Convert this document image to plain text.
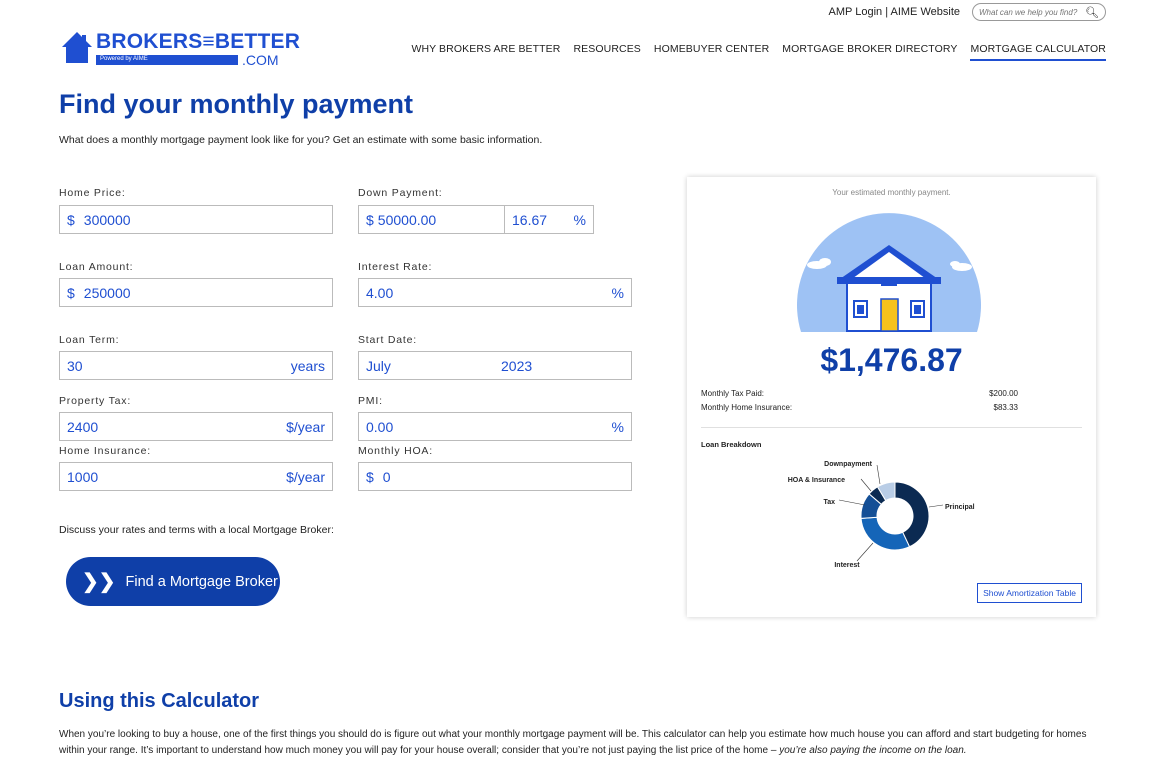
AMP Login | AIME Website
What can we help you find?	🔍︎
BROKERS≡BETTER
Powered by AIME	.COM
WHY BROKERS ARE BETTER RESOURCES HOMEBUYER CENTER MORTGAGE BROKER DIRECTORY MORTGAGE CALCULATOR
Find your monthly payment

What does a monthly mortgage payment look like for you? Get an estimate with some basic information.

Home Price:
$ 300000
Down Payment:
$ 50000.00	16.67 %
Loan Amount:
$ 250000
Interest Rate:
4.00	%
Loan Term:
30	years
Start Date:
July	2023
Property Tax:
2400	$/year
PMI:
0.00	%
Home Insurance:
1000	$/year
Monthly HOA:
$ 0

Discuss your rates and terms with a local Mortgage Broker:

❯❯ Find a Mortgage Broker
Your estimated monthly payment.
$1,476.87
Monthly Tax Paid:	$200.00
Monthly Home Insurance:	$83.33
Loan Breakdown
Principal
Interest
Tax
HOA & Insurance
Downpayment
Show Amortization Table
Using this Calculator

When you’re looking to buy a house, one of the first things you should do is figure out what your monthly mortgage payment will be. This calculator can help you estimate how much house you can afford and start budgeting for homes within your range. It’s important to understand how much money you will pay for your house overall; consider that you’re not just paying the list price of the home – you’re also paying the income on the loan.
